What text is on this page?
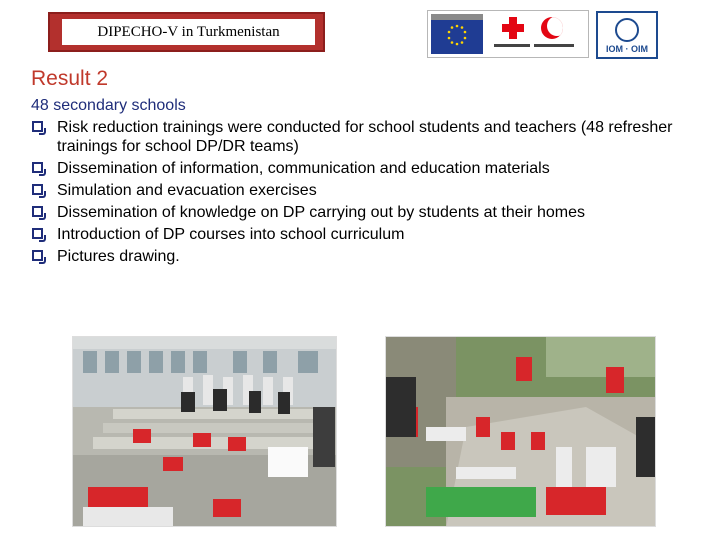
DIPECHO-V in Turkmenistan
IOM · OIM
Result 2
48 secondary schools
Risk reduction trainings were conducted for school students and teachers (48 refresher trainings for school DP/DR teams)
Dissemination of information, communication and education materials
Simulation and evacuation exercises
Dissemination of knowledge on DP carrying out by students at their homes
Introduction of DP courses into school curriculum
Pictures drawing.
